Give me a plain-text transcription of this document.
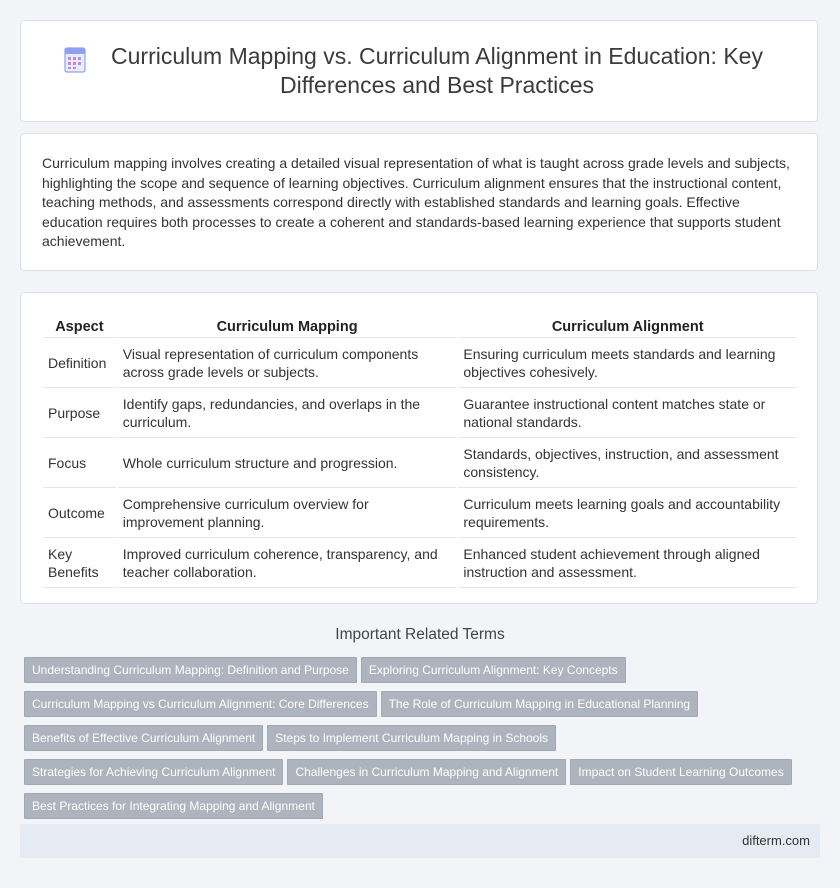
Curriculum Mapping vs. Curriculum Alignment in Education: Key Differences and Best Practices

Curriculum mapping involves creating a detailed visual representation of what is taught across grade levels and subjects, highlighting the scope and sequence of learning objectives. Curriculum alignment ensures that the instructional content, teaching methods, and assessments correspond directly with established standards and learning goals. Effective education requires both processes to create a coherent and standards-based learning experience that supports student achievement.

Aspect	Curriculum Mapping	Curriculum Alignment
Definition	Visual representation of curriculum components across grade levels or subjects.	Ensuring curriculum meets standards and learning objectives cohesively.
Purpose	Identify gaps, redundancies, and overlaps in the curriculum.	Guarantee instructional content matches state or national standards.
Focus	Whole curriculum structure and progression.	Standards, objectives, instruction, and assessment consistency.
Outcome	Comprehensive curriculum overview for improvement planning.	Curriculum meets learning goals and accountability requirements.
Key Benefits	Improved curriculum coherence, transparency, and teacher collaboration.	Enhanced student achievement through aligned instruction and assessment.
Important Related Terms
Understanding Curriculum Mapping: Definition and Purpose Exploring Curriculum Alignment: Key Concepts
Curriculum Mapping vs Curriculum Alignment: Core Differences The Role of Curriculum Mapping in Educational Planning
Benefits of Effective Curriculum Alignment Steps to Implement Curriculum Mapping in Schools
Strategies for Achieving Curriculum Alignment Challenges in Curriculum Mapping and Alignment Impact on Student Learning Outcomes
Best Practices for Integrating Mapping and Alignment
difterm.com
